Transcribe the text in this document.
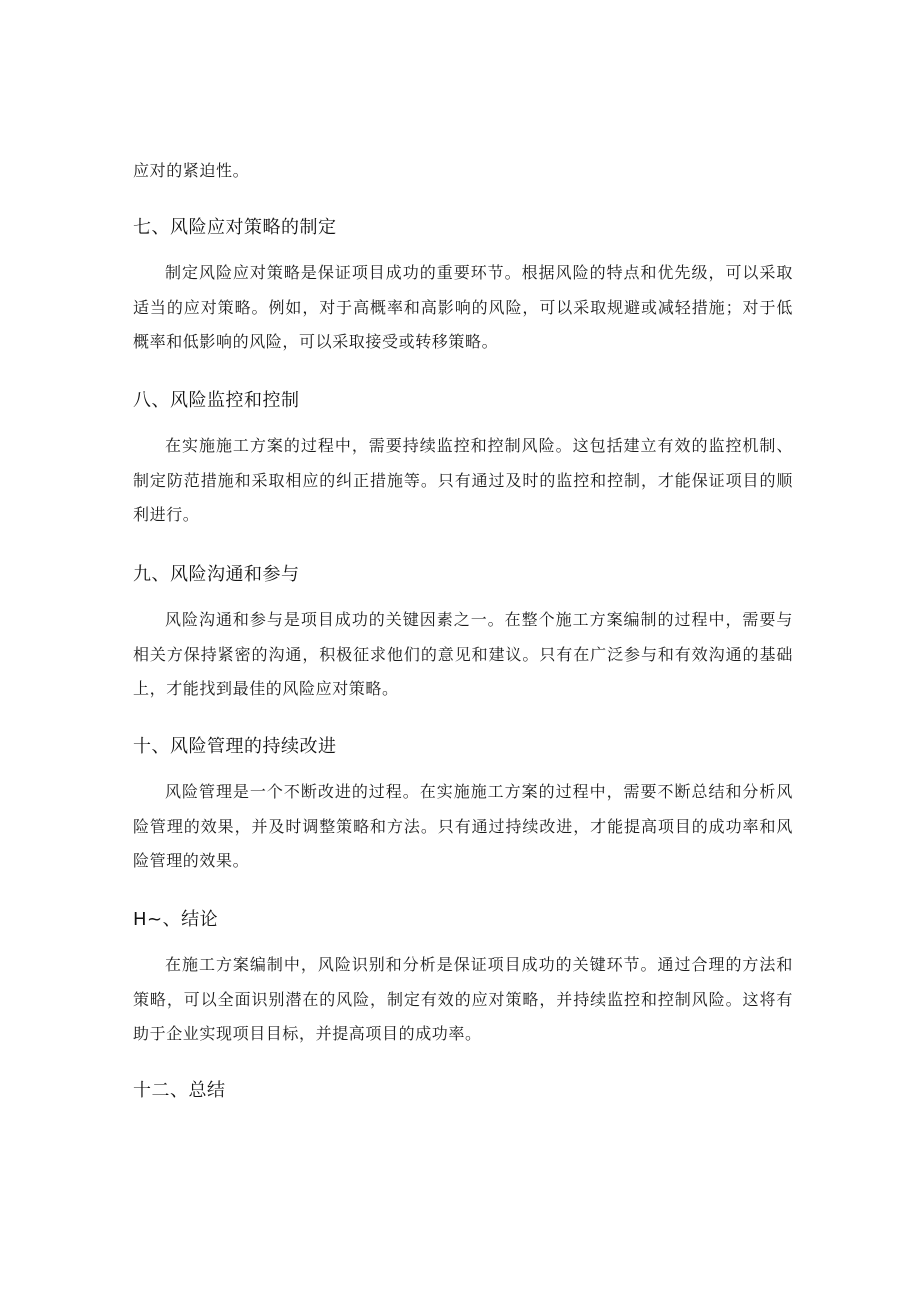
应对的紧迫性。

七、风险应对策略的制定

制定风险应对策略是保证项目成功的重要环节。根据风险的特点和优先级，可以采取适当的应对策略。例如，对于高概率和高影响的风险，可以采取规避或减轻措施；对于低概率和低影响的风险，可以采取接受或转移策略。

八、风险监控和控制

在实施施工方案的过程中，需要持续监控和控制风险。这包括建立有效的监控机制、制定防范措施和采取相应的纠正措施等。只有通过及时的监控和控制，才能保证项目的顺利进行。

九、风险沟通和参与

风险沟通和参与是项目成功的关键因素之一。在整个施工方案编制的过程中，需要与相关方保持紧密的沟通，积极征求他们的意见和建议。只有在广泛参与和有效沟通的基础上，才能找到最佳的风险应对策略。

十、风险管理的持续改进

风险管理是一个不断改进的过程。在实施施工方案的过程中，需要不断总结和分析风险管理的效果，并及时调整策略和方法。只有通过持续改进，才能提高项目的成功率和风险管理的效果。

H~、结论

在施工方案编制中，风险识别和分析是保证项目成功的关键环节。通过合理的方法和策略，可以全面识别潜在的风险，制定有效的应对策略，并持续监控和控制风险。这将有助于企业实现项目目标，并提高项目的成功率。

十二、总结
